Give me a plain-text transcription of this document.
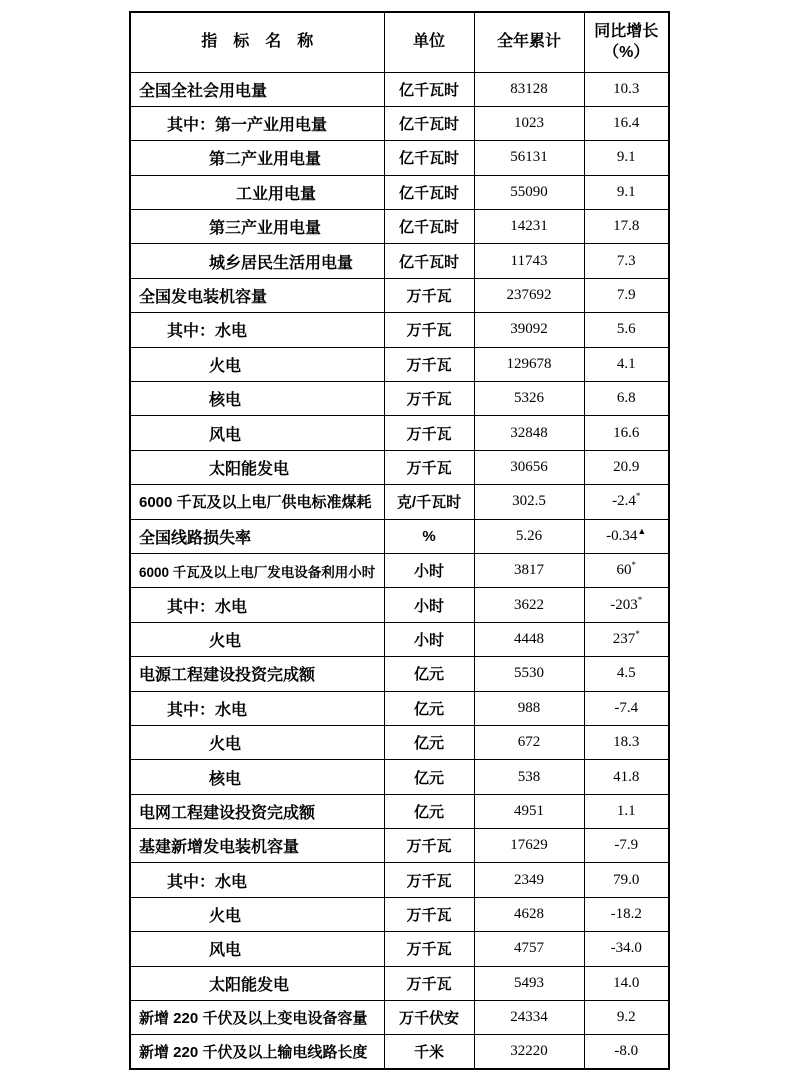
指　标　名　称	单位	全年累计	同比增长
（%）

全国全社会用电量	亿千瓦时	83128	10.3
其中：第一产业用电量	亿千瓦时	1023	16.4
第二产业用电量	亿千瓦时	56131	9.1
工业用电量	亿千瓦时	55090	9.1
第三产业用电量	亿千瓦时	14231	17.8
城乡居民生活用电量	亿千瓦时	11743	7.3
全国发电装机容量	万千瓦	237692	7.9
其中：水电	万千瓦	39092	5.6
火电	万千瓦	129678	4.1
核电	万千瓦	5326	6.8
风电	万千瓦	32848	16.6
太阳能发电	万千瓦	30656	20.9
6000 千瓦及以上电厂供电标准煤耗	克/千瓦时	302.5	-2.4*
全国线路损失率	%	5.26	-0.34▲
6000 千瓦及以上电厂发电设备利用小时	小时	3817	60*
其中：水电	小时	3622	-203*
火电	小时	4448	237*
电源工程建设投资完成额	亿元	5530	4.5
其中：水电	亿元	988	-7.4
火电	亿元	672	18.3
核电	亿元	538	41.8
电网工程建设投资完成额	亿元	4951	1.1
基建新增发电装机容量	万千瓦	17629	-7.9
其中：水电	万千瓦	2349	79.0
火电	万千瓦	4628	-18.2
风电	万千瓦	4757	-34.0
太阳能发电	万千瓦	5493	14.0
新增 220 千伏及以上变电设备容量	万千伏安	24334	9.2
新增 220 千伏及以上输电线路长度	千米	32220	-8.0
